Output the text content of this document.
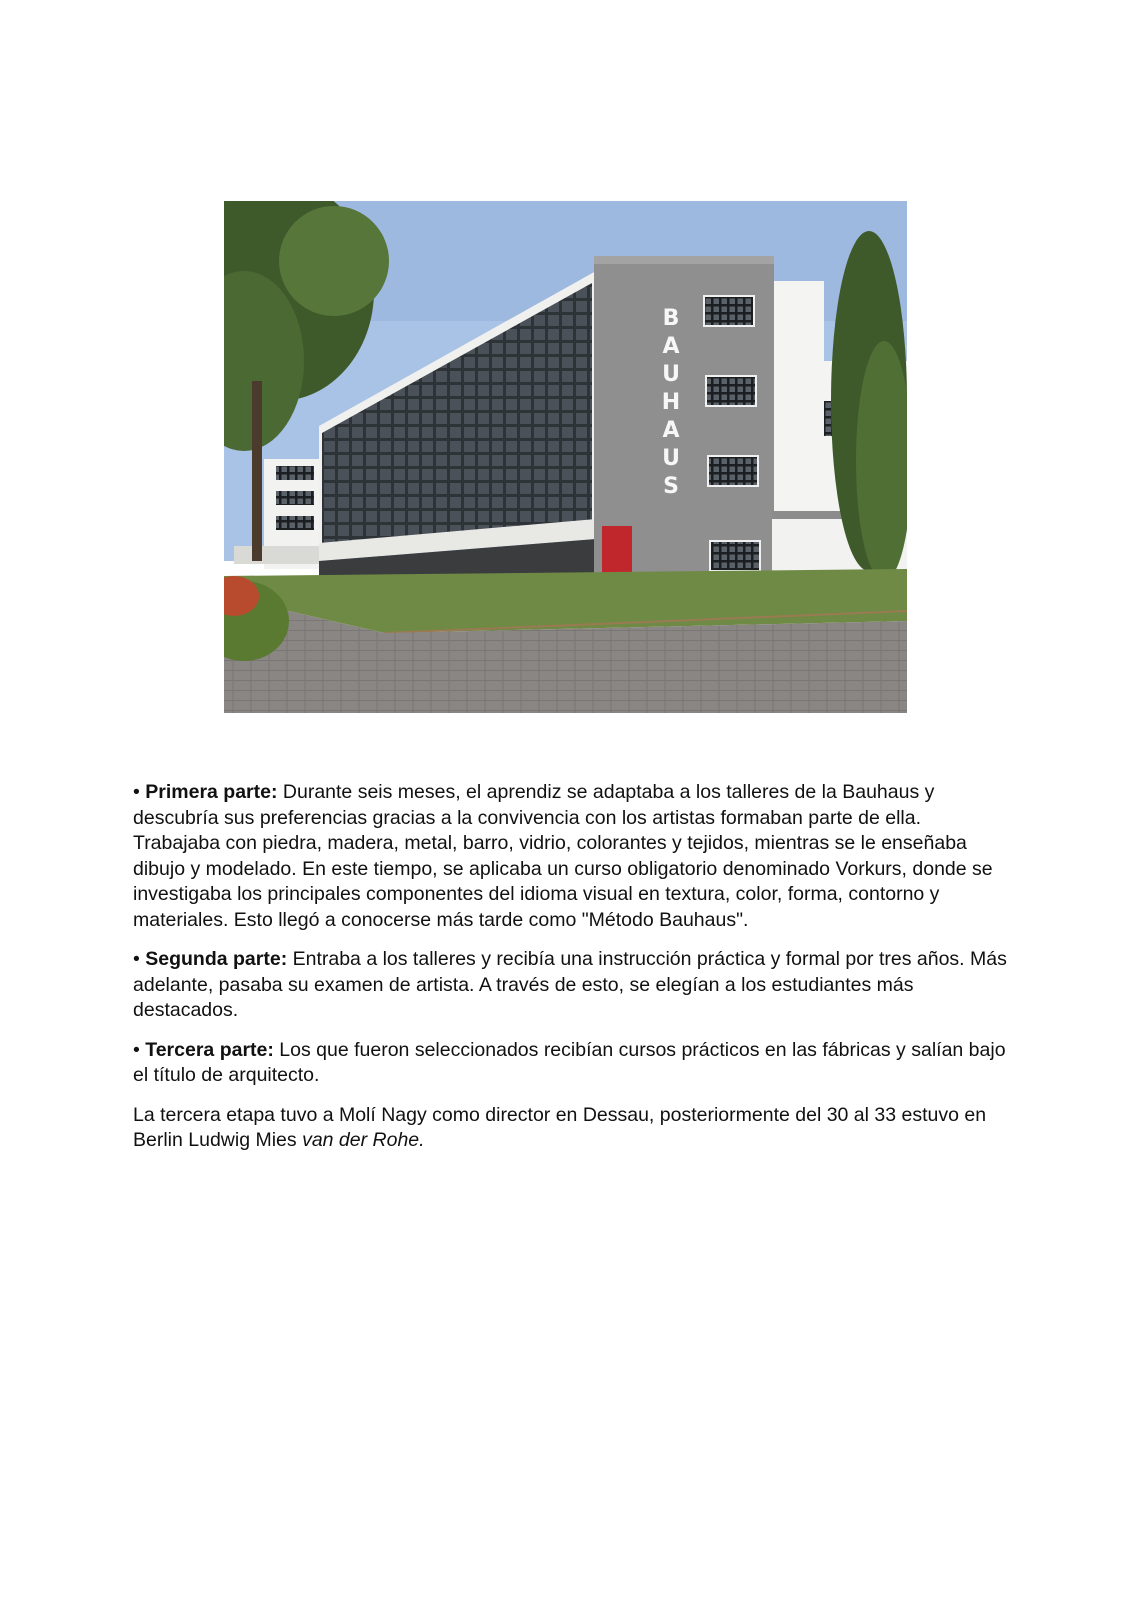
B
A
U
H
A
U
S

• Primera parte: Durante seis meses, el aprendiz se adaptaba a los talleres de la Bauhaus y descubría sus preferencias gracias a la convivencia con los artistas formaban parte de ella. Trabajaba con piedra, madera, metal, barro, vidrio, colorantes y tejidos, mientras se le enseñaba dibujo y modelado. En este tiempo, se aplicaba un curso obligatorio denominado Vorkurs, donde se investigaba los principales componentes del idioma visual en textura, color, forma, contorno y materiales. Esto llegó a conocerse más tarde como "Método Bauhaus".

• Segunda parte: Entraba a los talleres y recibía una instrucción práctica y formal por tres años. Más adelante, pasaba su examen de artista. A través de esto, se elegían a los estudiantes más destacados.

• Tercera parte: Los que fueron seleccionados recibían cursos prácticos en las fábricas y salían bajo el título de arquitecto.

La tercera etapa tuvo a Molí Nagy como director en Dessau, posteriormente del 30 al 33 estuvo en Berlin Ludwig Mies van der Rohe.
